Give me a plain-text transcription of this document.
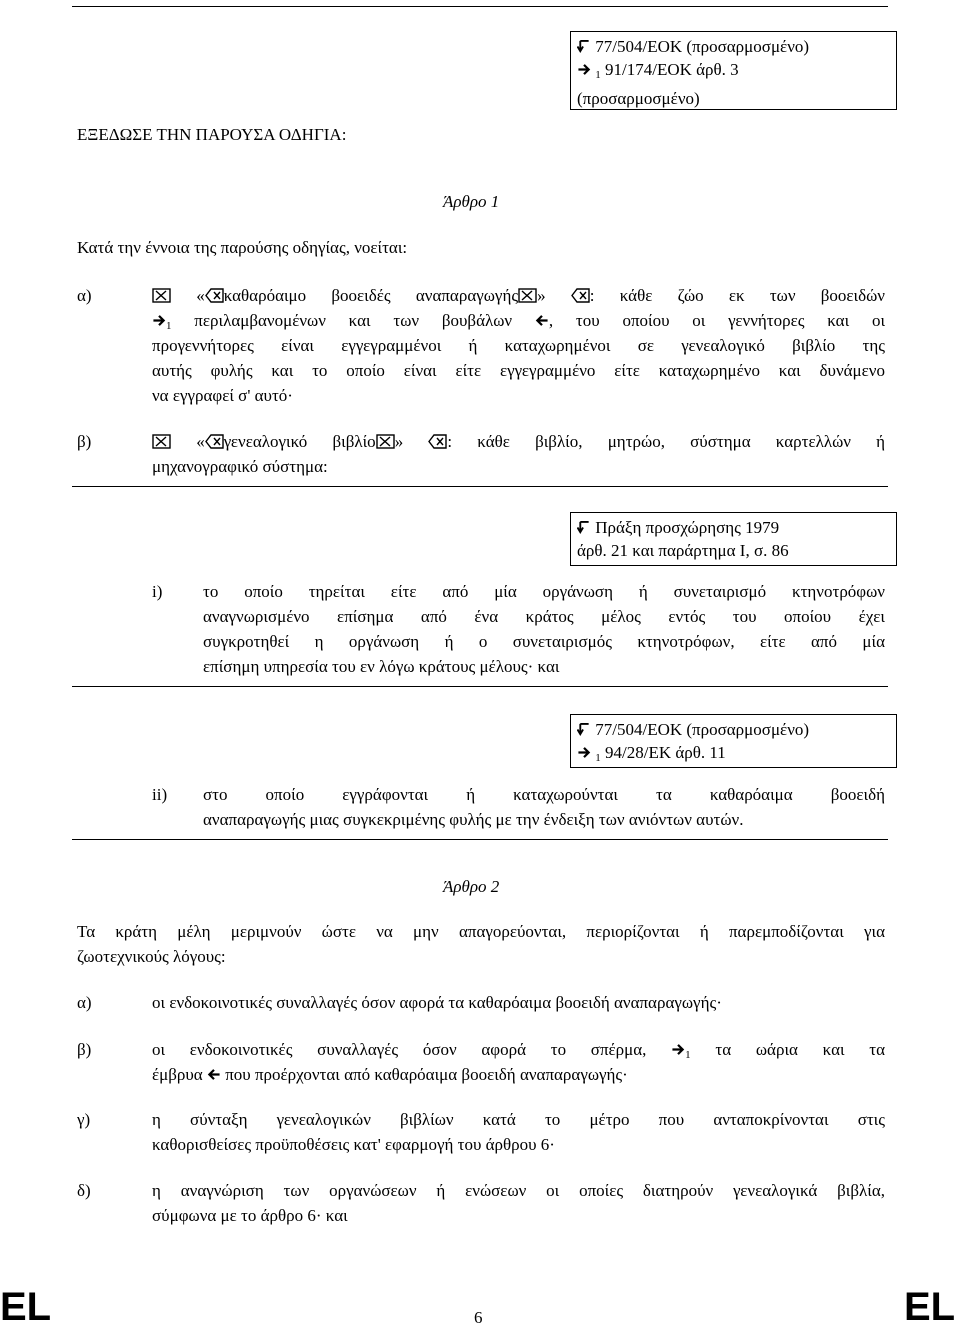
77/504/ΕΟΚ (προσαρμοσμένο)
$_1$ 91/174/ΕΟΚ άρθ. 3
(προσαρμοσμένο)
ΕΞΕΔΩΣΕ ΤΗΝ ΠΑΡΟΥΣΑ ΟΔΗΓΙΑ:
Άρθρο 1
Κατά την έννοια της παρούσης οδηγίας, νοείται:
α)	« καθαρόαιμο βοοειδές αναπαραγωγής »	: κάθε ζώο εκ των βοοειδών
$_1$ περιλαμβανομένων και των βουβάλων , του οποίου οι γεννήτορες και οι
προγεννήτορες είναι εγγεγραμμένοι ή καταχωρημένοι σε γενεαλογικό βιβλίο της
αυτής φυλής και το οποίο είναι είτε εγγεγραμμένο είτε καταχωρημένο και δυνάμενο
να εγγραφεί σ' αυτό·
β)	« γενεαλογικό βιβλίο »	: κάθε βιβλίο, μητρώο, σύστημα καρτελλών ή
μηχανογραφικό σύστημα:
Πράξη προσχώρησης 1979
άρθ. 21 και παράρτημα I, σ. 86
i) το οποίο τηρείται είτε από μία οργάνωση ή συνεταιρισμό κτηνοτρόφων
αναγνωρισμένο επίσημα από ένα κράτος μέλος εντός του οποίου έχει
συγκροτηθεί η οργάνωση ή ο συνεταιρισμός κτηνοτρόφων, είτε από μία
επίσημη υπηρεσία του εν λόγω κράτους μέλους· και
77/504/ΕΟΚ (προσαρμοσμένο)
$_1$ 94/28/ΕΚ άρθ. 11
ii) στο οποίο εγγράφονται ή καταχωρούνται τα καθαρόαιμα βοοειδή
αναπαραγωγής μιας συγκεκριμένης φυλής με την ένδειξη των ανιόντων αυτών.
Άρθρο 2
Τα κράτη μέλη μεριμνούν ώστε να μην απαγορεύονται, περιορίζονται ή παρεμποδίζονται για
ζωοτεχνικούς λόγους:
α)	οι ενδοκοινοτικές συναλλαγές όσον αφορά τα καθαρόαιμα βοοειδή αναπαραγωγής·
β)	οι ενδοκοινοτικές συναλλαγές όσον αφορά το σπέρμα,	$_1$ τα ωάρια και τα
έμβρυα που προέρχονται από καθαρόαιμα βοοειδή αναπαραγωγής·
γ)	η σύνταξη γενεαλογικών βιβλίων κατά το μέτρο που ανταποκρίνονται στις
καθορισθείσες προϋποθέσεις κατ' εφαρμογή του άρθρου 6·
δ)	η αναγνώριση των οργανώσεων ή ενώσεων οι οποίες διατηρούν γενεαλογικά βιβλία,
σύμφωνα με το άρθρο 6· και
EL	6	EL
